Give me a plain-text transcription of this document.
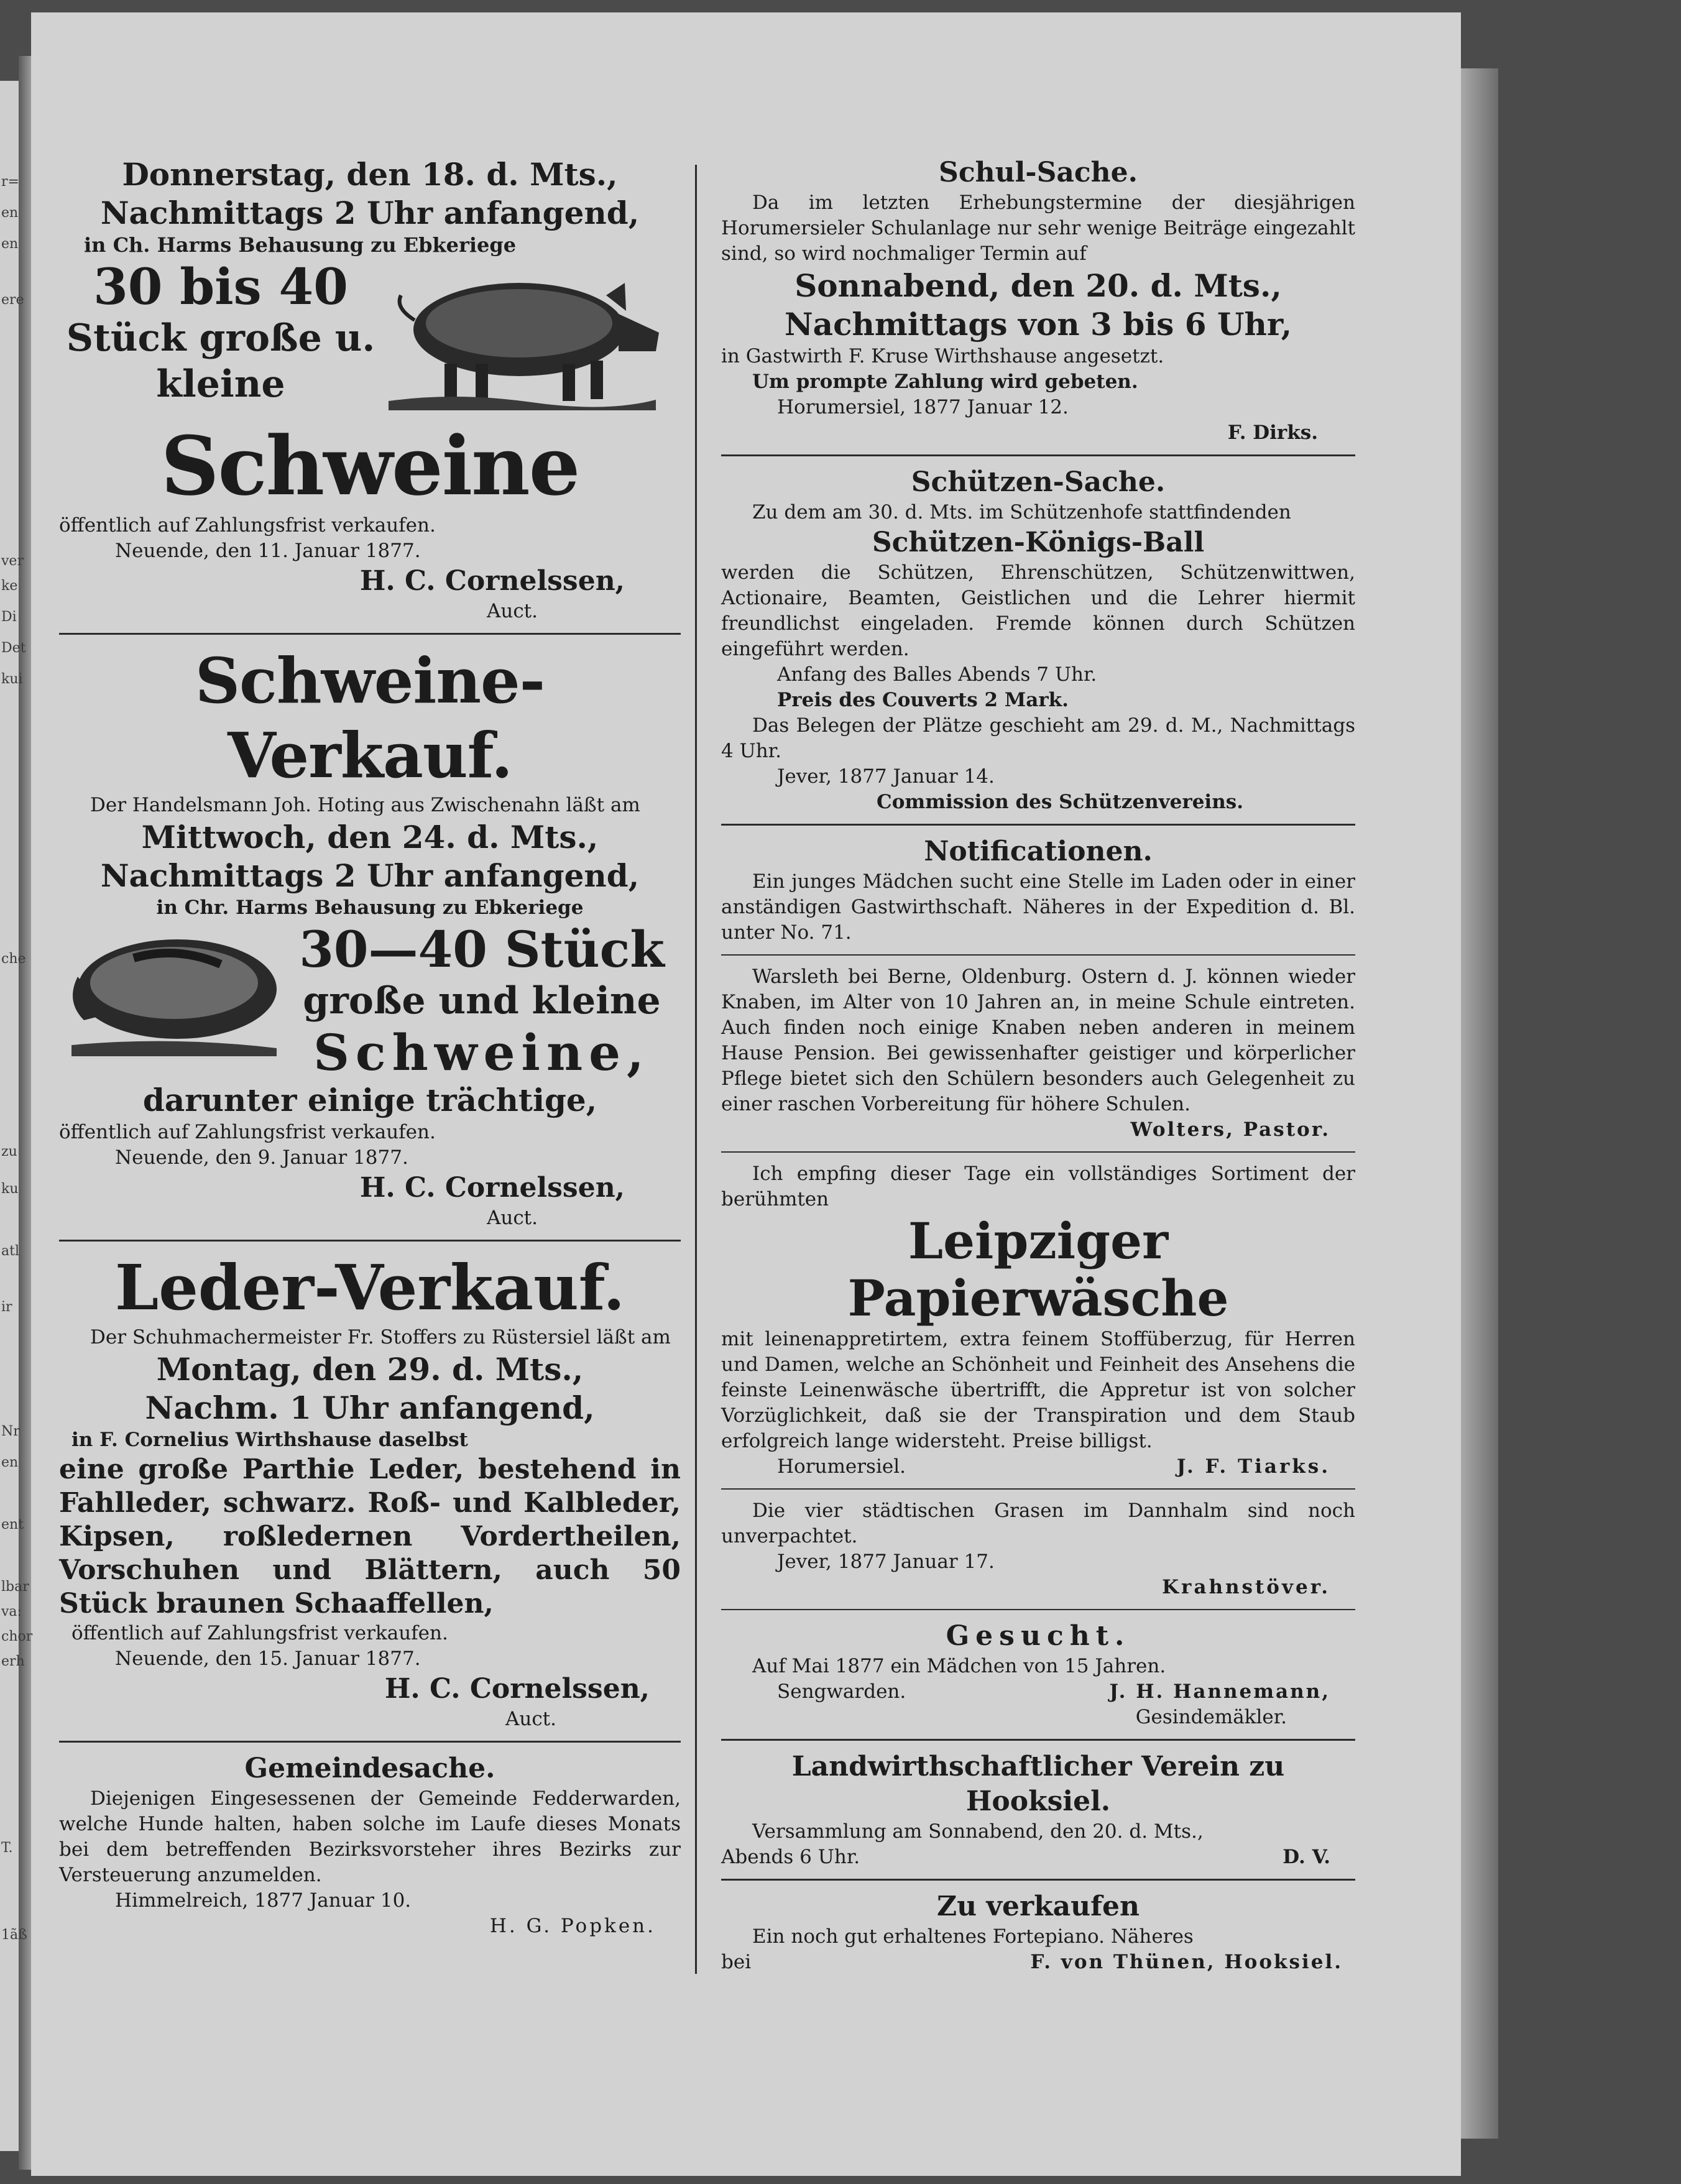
r=
en
en
ere
ver
ke
Di
Det
kui
che
zu
ku
atl
ir
Nr
en
ent
lbar
va:
chor
erh
T.
1ãß
Donnerstag, den 18. d. Mts.,
Nachmittags 2 Uhr anfangend,
in Ch. Harms Behausung zu Ebkeriege
30 bis 40
Stück große u.
kleine
Schweine
öffentlich auf Zahlungsfrist verkaufen.
Neuende, den 11. Januar 1877.
H. C. Cornelssen,
Auct.
Schweine-Verkauf.
Der Handelsmann Joh. Hoting aus Zwischenahn läßt am
Mittwoch, den 24. d. Mts.,
Nachmittags 2 Uhr anfangend,
in Chr. Harms Behausung zu Ebkeriege
30—40 Stück
große und kleine
Schweine,
darunter einige trächtige,
öffentlich auf Zahlungsfrist verkaufen.
Neuende, den 9. Januar 1877.
H. C. Cornelssen,
Auct.
Leder-Verkauf.
Der Schuhmachermeister Fr. Stoffers zu Rüstersiel läßt am
Montag, den 29. d. Mts.,
Nachm. 1 Uhr anfangend,
in F. Cornelius Wirthshause daselbst
eine große Parthie Leder, bestehend in Fahlleder, schwarz. Roß- und Kalbleder, Kipsen, roßledernen Vordertheilen, Vorschuhen und Blättern, auch 50 Stück braunen Schaaffellen,
öffentlich auf Zahlungsfrist verkaufen.
Neuende, den 15. Januar 1877.
H. C. Cornelssen,
Auct.
Gemeindesache.
Diejenigen Eingesessenen der Gemeinde Fedderwarden, welche Hunde halten, haben solche im Laufe dieses Monats bei dem betreffenden Bezirksvorsteher ihres Bezirks zur Versteuerung anzumelden.
Himmelreich, 1877 Januar 10.
H. G. Popken.
Schul-Sache.
Da im letzten Erhebungstermine der diesjährigen Horumersieler Schulanlage nur sehr wenige Beiträge eingezahlt sind, so wird nochmaliger Termin auf
Sonnabend, den 20. d. Mts.,
Nachmittags von 3 bis 6 Uhr,
in Gastwirth F. Kruse Wirthshause angesetzt.
Um prompte Zahlung wird gebeten.
Horumersiel, 1877 Januar 12.
F. Dirks.
Schützen-Sache.
Zu dem am 30. d. Mts. im Schützenhofe stattfindenden
Schützen-Königs-Ball
werden die Schützen, Ehrenschützen, Schützenwittwen, Actionaire, Beamten, Geistlichen und die Lehrer hiermit freundlichst eingeladen. Fremde können durch Schützen eingeführt werden.
Anfang des Balles Abends 7 Uhr.
Preis des Couverts 2 Mark.
Das Belegen der Plätze geschieht am 29. d. M., Nachmittags 4 Uhr.
Jever, 1877 Januar 14.
Commission des Schützenvereins.
Notificationen.
Ein junges Mädchen sucht eine Stelle im Laden oder in einer anständigen Gastwirthschaft. Näheres in der Expedition d. Bl. unter No. 71.
Warsleth bei Berne, Oldenburg. Ostern d. J. können wieder Knaben, im Alter von 10 Jahren an, in meine Schule eintreten. Auch finden noch einige Knaben neben anderen in meinem Hause Pension. Bei gewissenhafter geistiger und körperlicher Pflege bietet sich den Schülern besonders auch Gelegenheit zu einer raschen Vorbereitung für höhere Schulen.
Wolters, Pastor.
Ich empfing dieser Tage ein vollständiges Sortiment der berühmten
Leipziger Papierwäsche
mit leinenappretirtem, extra feinem Stoffüberzug, für Herren und Damen, welche an Schönheit und Feinheit des Ansehens die feinste Leinenwäsche übertrifft, die Appretur ist von solcher Vorzüglichkeit, daß sie der Transpiration und dem Staub erfolgreich lange widersteht. Preise billigst.
Horumersiel.	J. F. Tiarks.
Die vier städtischen Grasen im Dannhalm sind noch unverpachtet.
Jever, 1877 Januar 17.
Krahnstöver.
Gesucht.
Auf Mai 1877 ein Mädchen von 15 Jahren.
Sengwarden.	J. H. Hannemann,
Gesindemäkler.
Landwirthschaftlicher Verein zu
Hooksiel.
Versammlung am Sonnabend, den 20. d. Mts.,
Abends 6 Uhr.	D. V.
Zu verkaufen
Ein noch gut erhaltenes Fortepiano. Näheres
bei	F. von Thünen, Hooksiel.
